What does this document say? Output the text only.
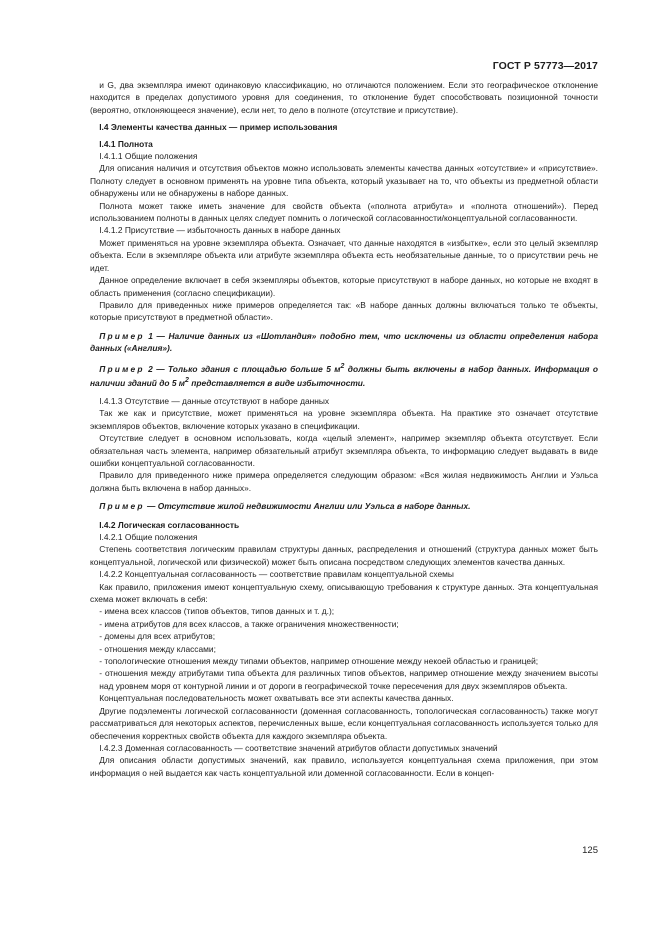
ГОСТ Р 57773—2017

и G, два экземпляра имеют одинаковую классификацию, но отличаются положением. Если это географическое отклонение находится в пределах допустимого уровня для соединения, то отклонение будет способствовать позиционной точности (вероятно, отклоняющееся значение), если нет, то дело в полноте (отсутствие и присутствие).

I.4 Элементы качества данных — пример использования

I.4.1 Полнота

I.4.1.1 Общие положения

Для описания наличия и отсутствия объектов можно использовать элементы качества данных «отсутствие» и «присутствие». Полноту следует в основном применять на уровне типа объекта, который указывает на то, что объекты из предметной области обнаружены или не обнаружены в наборе данных.

Полнота может также иметь значение для свойств объекта («полнота атрибута» и «полнота отношений»). Перед использованием полноты в данных целях следует помнить о логической согласованности/концептуальной согласованности.

I.4.1.2 Присутствие — избыточность данных в наборе данных

Может применяться на уровне экземпляра объекта. Означает, что данные находятся в «избытке», если это целый экземпляр объекта. Если в экземпляре объекта или атрибуте экземпляра объекта есть необязательные данные, то о присутствии речь не идет.

Данное определение включает в себя экземпляры объектов, которые присутствуют в наборе данных, но которые не входят в область применения (согласно спецификации).

Правило для приведенных ниже примеров определяется так: «В наборе данных должны включаться только те объекты, которые присутствуют в предметной области».

Пример 1 — Наличие данных из «Шотландия» подобно тем, что исключены из области определения набора данных («Англия»).

Пример 2 — Только здания с площадью больше 5 $м^2$ должны быть включены в набор данных. Информация о наличии зданий до 5 $м^2$ представляется в виде избыточности.

I.4.1.3 Отсутствие — данные отсутствуют в наборе данных

Так же как и присутствие, может применяться на уровне экземпляра объекта. На практике это означает отсутствие экземпляров объектов, включение которых указано в спецификации.

Отсутствие следует в основном использовать, когда «целый элемент», например экземпляр объекта отсутствует. Если обязательная часть элемента, например обязательный атрибут экземпляра объекта, то информацию следует выдавать в виде ошибки концептуальной согласованности.

Правило для приведенного ниже примера определяется следующим образом: «Вся жилая недвижимость Англии и Уэльса должна быть включена в набор данных».

Пример — Отсутствие жилой недвижимости Англии или Уэльса в наборе данных.

I.4.2 Логическая согласованность

I.4.2.1 Общие положения

Степень соответствия логическим правилам структуры данных, распределения и отношений (структура данных может быть концептуальной, логической или физической) может быть описана посредством следующих элементов качества данных.

I.4.2.2 Концептуальная согласованность — соответствие правилам концептуальной схемы

Как правило, приложения имеют концептуальную схему, описывающую требования к структуре данных. Эта концептуальная схема может включать в себя:

- имена всех классов (типов объектов, типов данных и т. д.);

- имена атрибутов для всех классов, а также ограничения множественности;

- домены для всех атрибутов;

- отношения между классами;

- топологические отношения между типами объектов, например отношение между некоей областью и границей;

- отношения между атрибутами типа объекта для различных типов объектов, например отношение между значением высоты над уровнем моря от контурной линии и от дороги в географической точке пересечения для двух экземпляров объекта.

Концептуальная последовательность может охватывать все эти аспекты качества данных.

Другие подэлементы логической согласованности (доменная согласованность, топологическая согласованность) также могут рассматриваться для некоторых аспектов, перечисленных выше, если концептуальная согласованность используется только для обеспечения корректных свойств объекта для каждого экземпляра объекта.

I.4.2.3 Доменная согласованность — соответствие значений атрибутов области допустимых значений

Для описания области допустимых значений, как правило, используется концептуальная схема приложения, при этом информация о ней выдается как часть концептуальной или доменной согласованности. Если в концеп-

125
